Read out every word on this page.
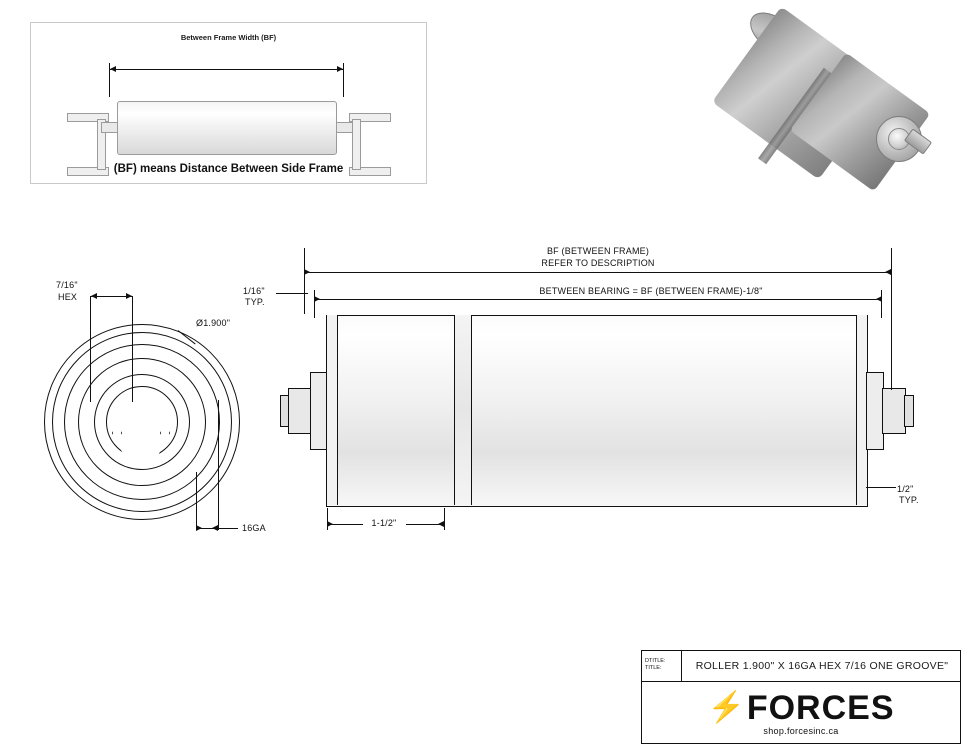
Between Frame Width (BF)
(BF) means Distance Between Side Frame
BF (BETWEEN FRAME)
REFER TO DESCRIPTION
BETWEEN BEARING = BF (BETWEEN FRAME)-1/8"
1/16"
TYP.
1/2"
TYP.
7/16"
HEX
Ø1.900"
16GA	1-1/2"
DTITLE:
TITLE:	ROLLER 1.900" X 16GA HEX 7/16 ONE GROOVE"
⚡ FORCES
shop.forcesinc.ca
